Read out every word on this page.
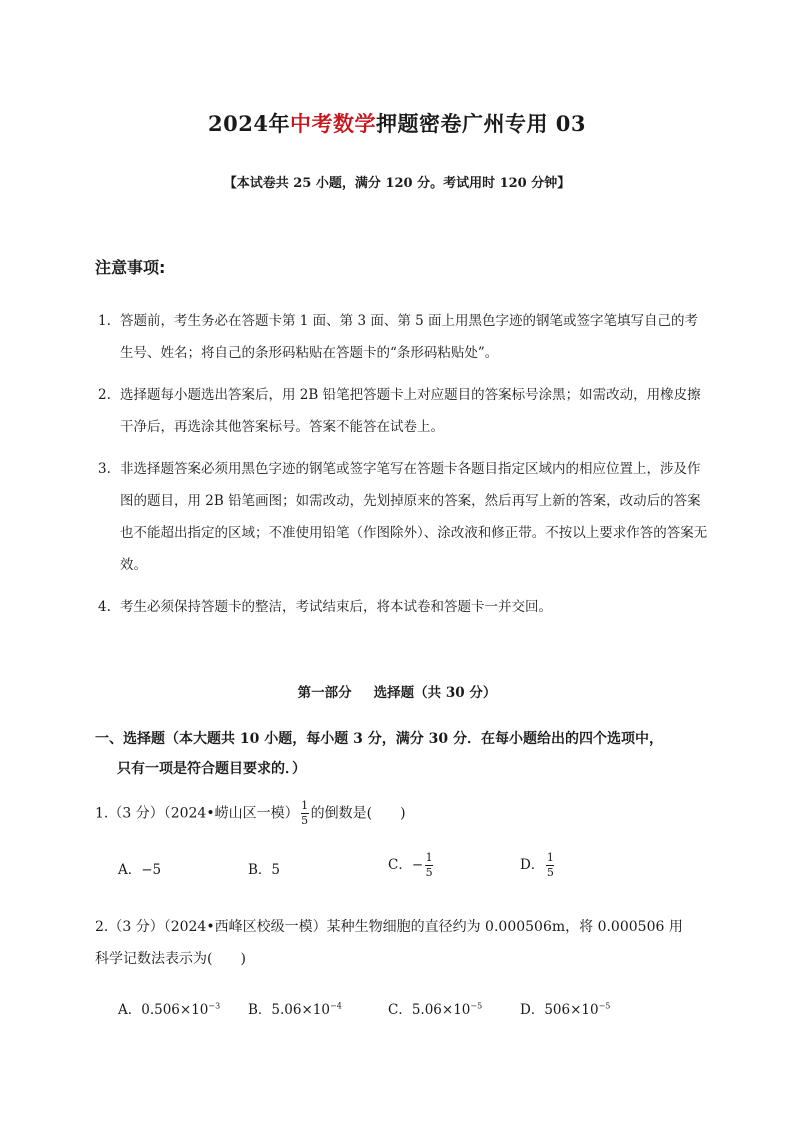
2024年中考数学押题密卷广州专用 03
【本试卷共 25 小题，满分 120 分。考试用时 120 分钟】
注意事项:
1. 答题前，考生务必在答题卡第 1 面、第 3 面、第 5 面上用黑色字迹的钢笔或签字笔填写自己的考生号、姓名；将自己的条形码粘贴在答题卡的“条形码粘贴处”。
2. 选择题每小题选出答案后，用 2B 铅笔把答题卡上对应题目的答案标号涂黑；如需改动，用橡皮擦干净后，再选涂其他答案标号。答案不能答在试卷上。
3. 非选择题答案必须用黑色字迹的钢笔或签字笔写在答题卡各题目指定区域内的相应位置上，涉及作图的题目，用 2B 铅笔画图；如需改动，先划掉原来的答案，然后再写上新的答案，改动后的答案也不能超出指定的区域；不准使用铅笔（作图除外）、涂改液和修正带。不按以上要求作答的答案无效。
4. 考生必须保持答题卡的整洁，考试结束后，将本试卷和答题卡一并交回。
第一部分 选择题（共 30 分）
一、选择题（本大题共 10 小题，每小题 3 分，满分 30 分．在每小题给出的四个选项中，
只有一项是符合题目要求的．）
1.（3 分）（2024•崂山区一模） $\frac{1}{5}$ 的倒数是(　　)
A．−5	B．5	C．− $\frac{1}{5}$	D． $\frac{1}{5}$
2.（3 分）（2024•西峰区校级一模）某种生物细胞的直径约为 0.000506m，将 0.000506 用
科学记数法表示为(　　)
A．$0.506\times 10^{-3}$ B．$5.06\times 10^{-4}$	C．$5.06\times 10^{-5}$	D．$506\times 10^{-5}$
